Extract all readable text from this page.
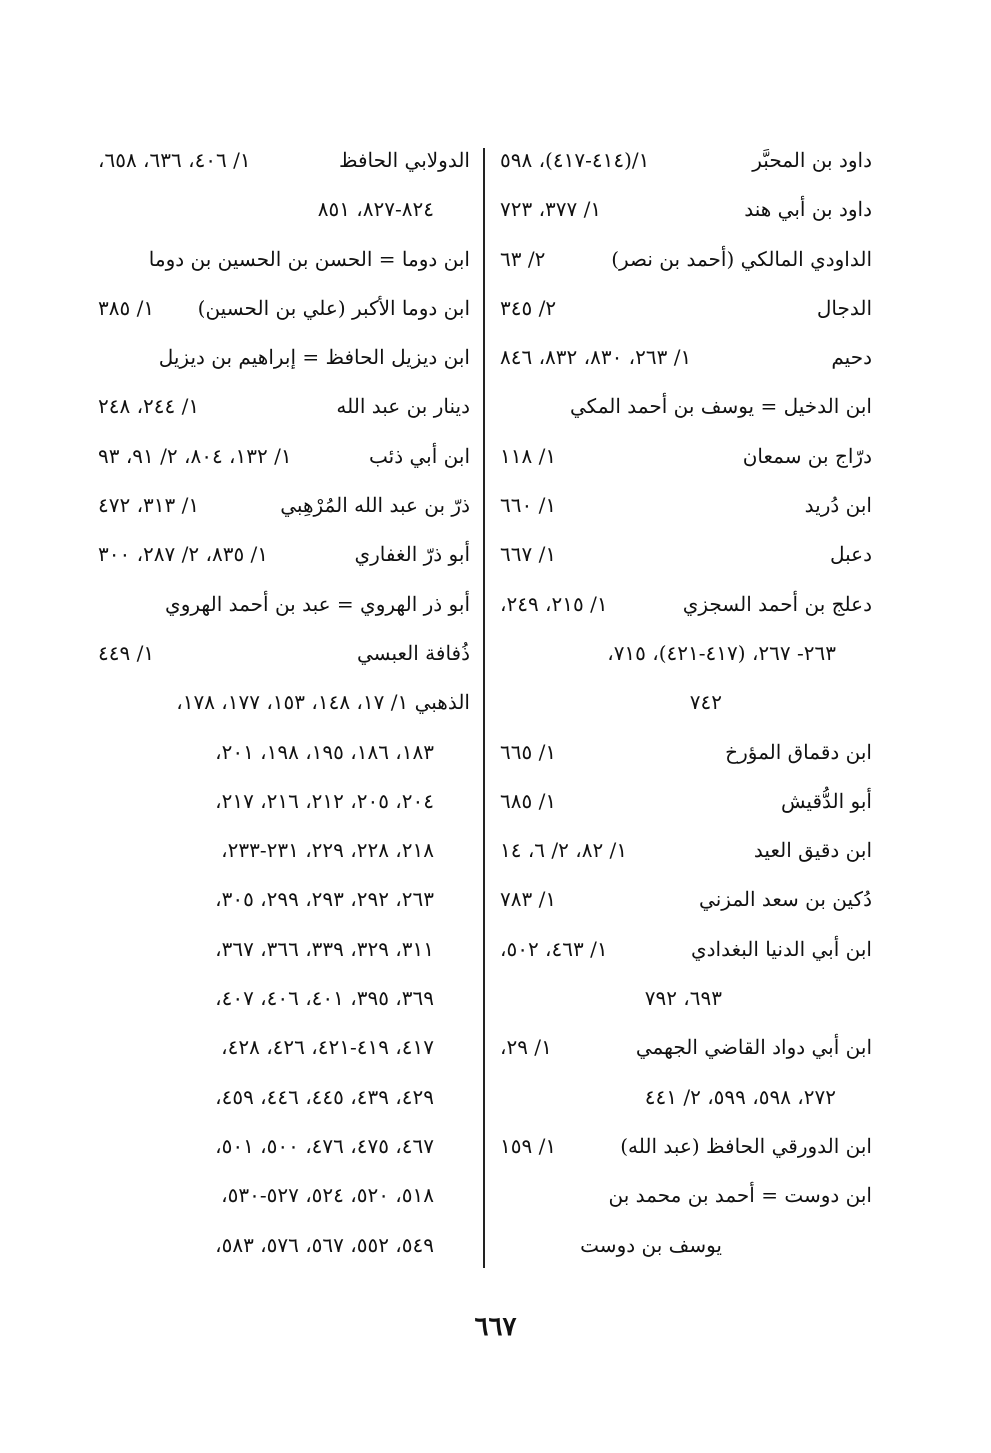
داود بن المحبَّر
١/(٤١٤-٤١٧)، ٥٩٨
داود بن أبي هند
١/ ٣٧٧، ٧٢٣
الداودي المالكي (أحمد بن نصر)
٢/ ٦٣
الدجال
٢/ ٣٤٥
دحيم
١/ ٢٦٣، ٨٣٠، ٨٣٢، ٨٤٦
ابن الدخيل = يوسف بن أحمد المكي
درّاج بن سمعان
١/ ١١٨
ابن دُريد
١/ ٦٦٠
دعبل
١/ ٦٦٧
دعلج بن أحمد السجزي
١/ ٢١٥، ٢٤٩،
٢٦٣- ٢٦٧، (٤١٧-٤٢١)، ٧١٥،
٧٤٢
ابن دقماق المؤرخ
١/ ٦٦٥
أبو الدُّقيش
١/ ٦٨٥
ابن دقيق العيد
١/ ٨٢، ٢/ ٦، ١٤
دُكين بن سعد المزني
١/ ٧٨٣
ابن أبي الدنيا البغدادي
١/ ٤٦٣، ٥٠٢،
٦٩٣، ٧٩٢
ابن أبي دواد القاضي الجهمي
١/ ٢٩،
٢٧٢، ٥٩٨، ٥٩٩، ٢/ ٤٤١
ابن الدورقي الحافظ (عبد الله)
١/ ١٥٩
ابن دوست = أحمد بن محمد بن
يوسف بن دوست
الدولابي الحافظ
١/ ٤٠٦، ٦٣٦، ٦٥٨،
٨٢٤-٨٢٧، ٨٥١
ابن دوما = الحسن بن الحسين بن دوما
ابن دوما الأكبر (علي بن الحسين)
١/ ٣٨٥
ابن ديزيل الحافظ = إبراهيم بن ديزيل
دينار بن عبد الله
١/ ٢٤٤، ٢٤٨
ابن أبي ذئب
١/ ١٣٢، ٨٠٤، ٢/ ٩١، ٩٣
ذرّ بن عبد الله المُرْهِبي
١/ ٣١٣، ٤٧٢
أبو ذرّ الغفاري
١/ ٨٣٥، ٢/ ٢٨٧، ٣٠٠
أبو ذر الهروي = عبد بن أحمد الهروي
ذُفافة العبسي
١/ ٤٤٩
الذهبي ١/ ١٧، ١٤٨، ١٥٣، ١٧٧، ١٧٨،
١٨٣، ١٨٦، ١٩٥، ١٩٨، ٢٠١،
٢٠٤، ٢٠٥، ٢١٢، ٢١٦، ٢١٧،
٢١٨، ٢٢٨، ٢٢٩، ٢٣١-٢٣٣،
٢٦٣، ٢٩٢، ٢٩٣، ٢٩٩، ٣٠٥،
٣١١، ٣٢٩، ٣٣٩، ٣٦٦، ٣٦٧،
٣٦٩، ٣٩٥، ٤٠١، ٤٠٦، ٤٠٧،
٤١٧، ٤١٩-٤٢١، ٤٢٦، ٤٢٨،
٤٢٩، ٤٣٩، ٤٤٥، ٤٤٦، ٤٥٩،
٤٦٧، ٤٧٥، ٤٧٦، ٥٠٠، ٥٠١،
٥١٨، ٥٢٠، ٥٢٤، ٥٢٧-٥٣٠،
٥٤٩، ٥٥٢، ٥٦٧، ٥٧٦، ٥٨٣،
٦٦٧
